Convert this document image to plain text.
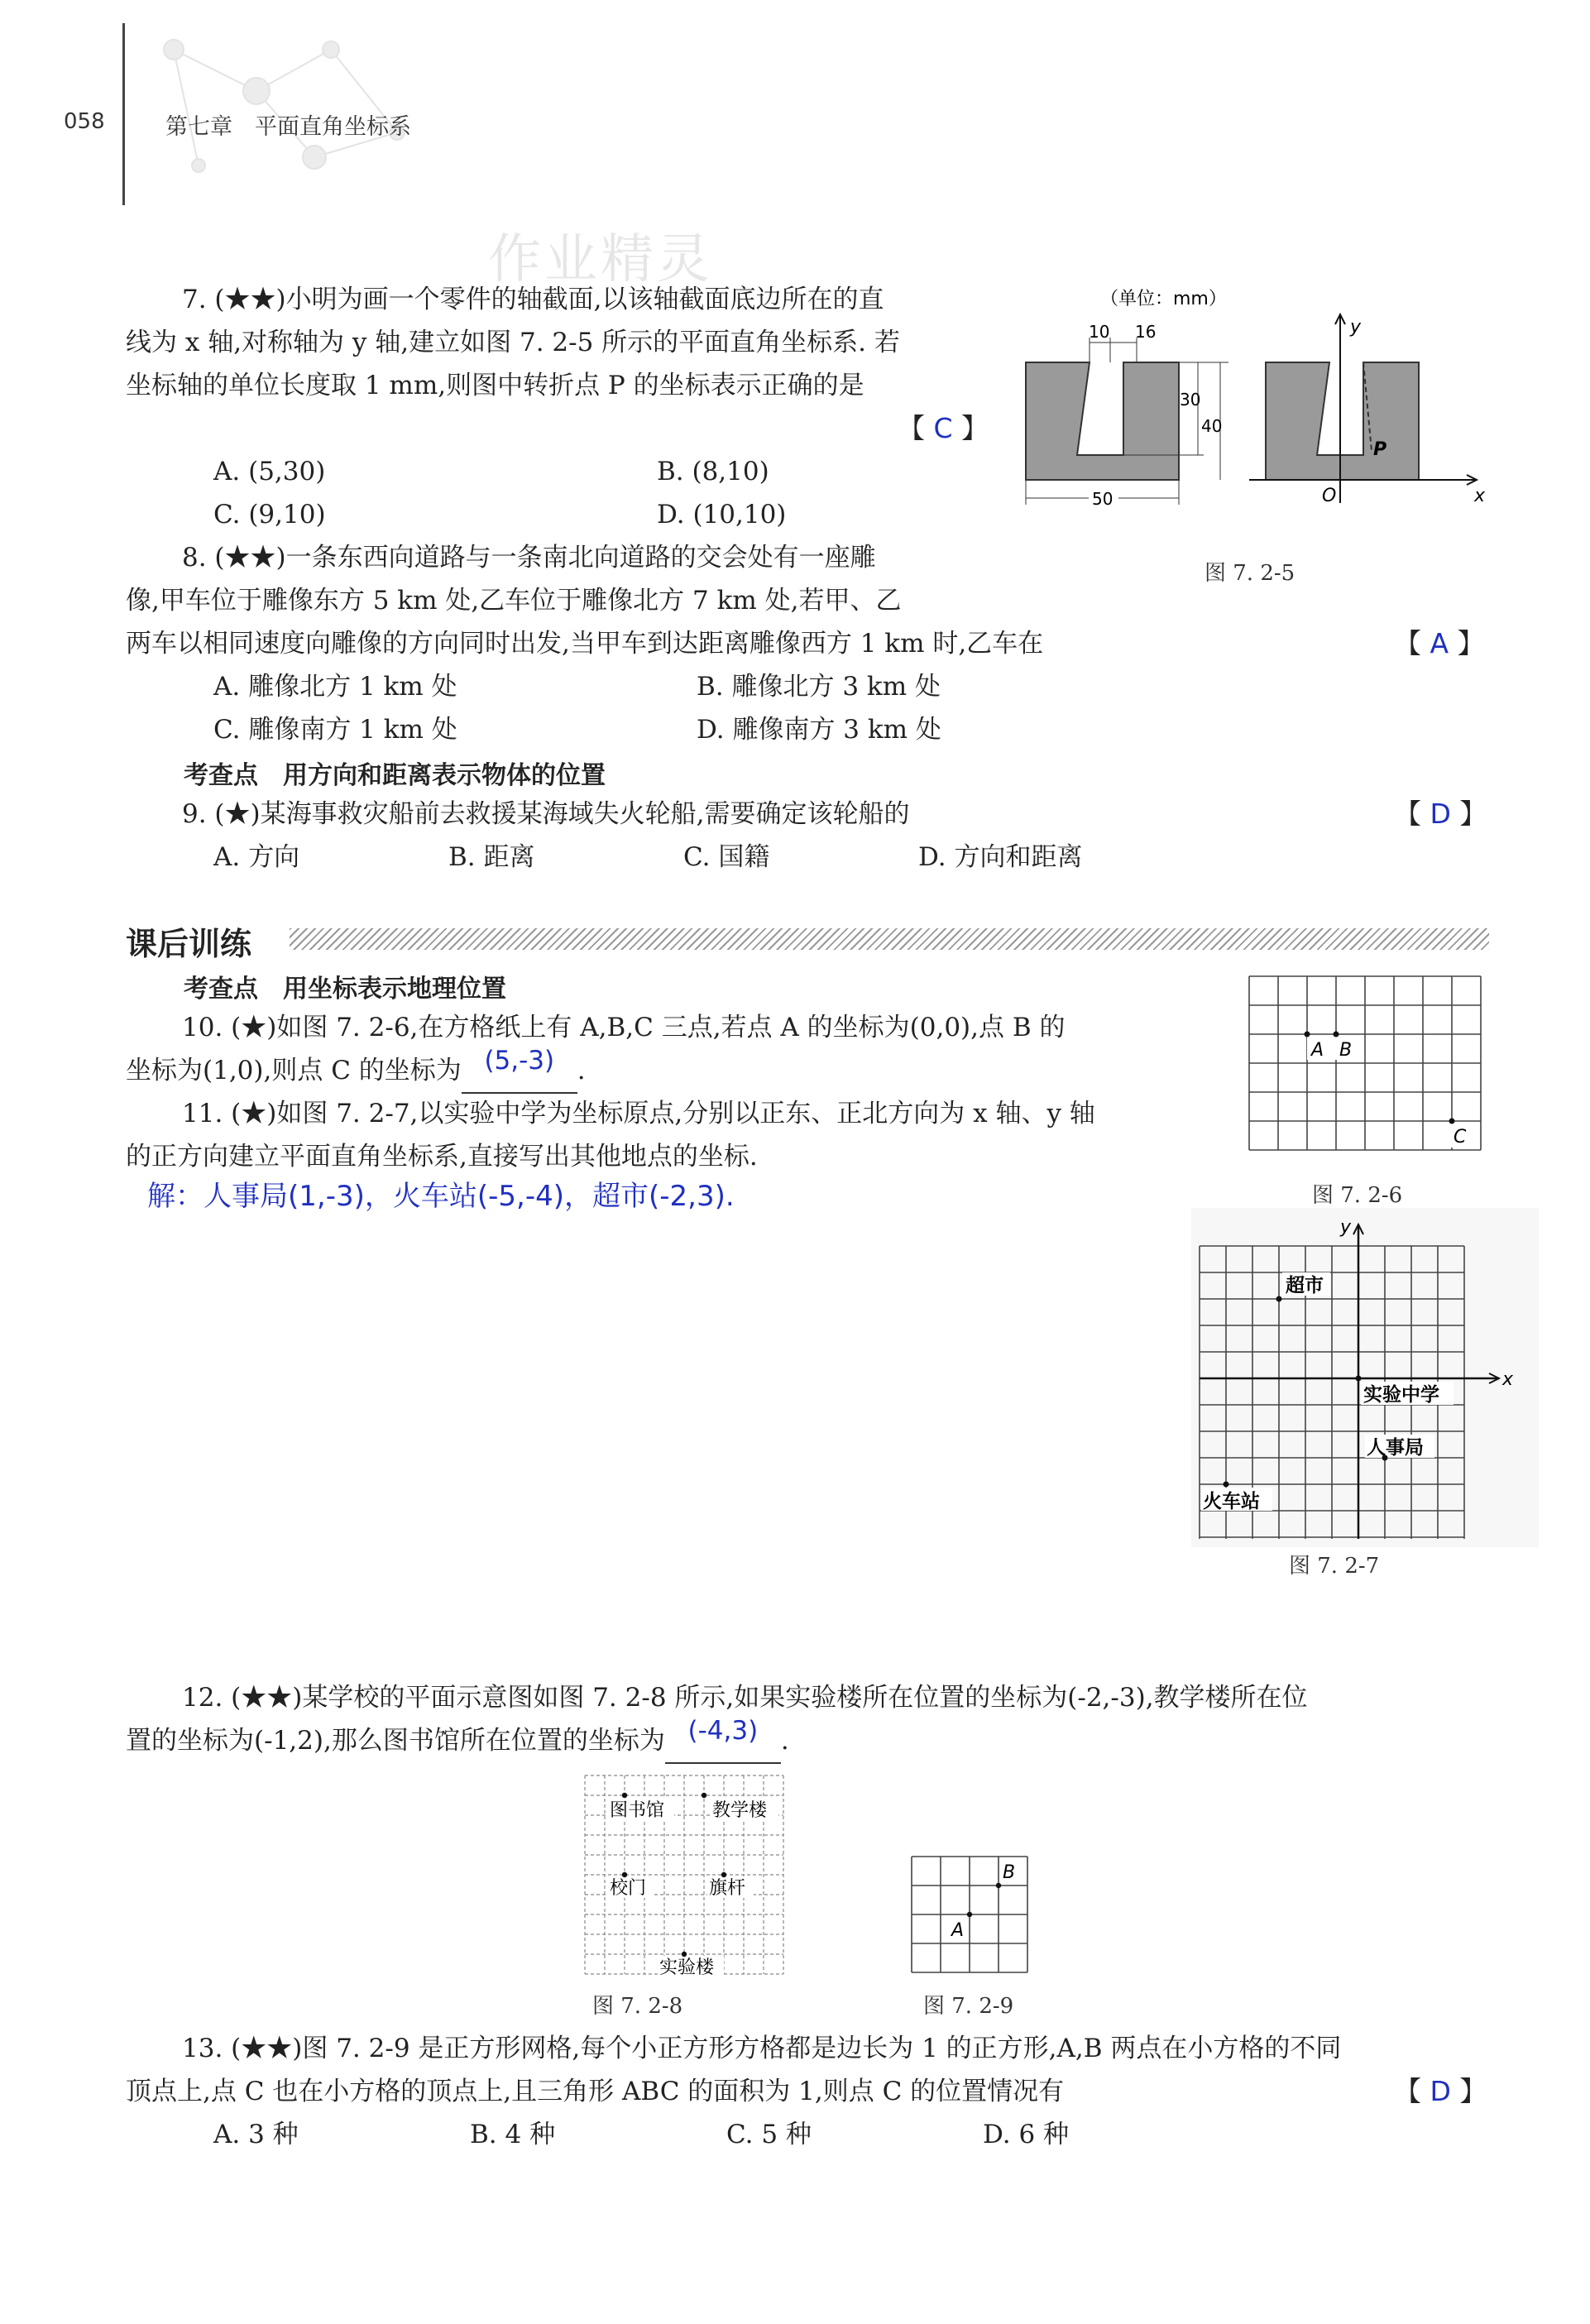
058	第七章　平面直角坐标系
作业精灵
7. (★★)小明为画一个零件的轴截面,以该轴截面底边所在的直
线为 x 轴,对称轴为 y 轴,建立如图 7. 2-5 所示的平面直角坐标系. 若
坐标轴的单位长度取 1 mm,则图中转折点 P 的坐标表示正确的是
【 C 】
A. (5,30)	B. (8,10)
C. (9,10)	D. (10,10)
（单位：mm）
10 16
30
40
50
y
x
O
P
图 7. 2-5
8. (★★)一条东西向道路与一条南北向道路的交会处有一座雕
像,甲车位于雕像东方 5 km 处,乙车位于雕像北方 7 km 处,若甲、乙
两车以相同速度向雕像的方向同时出发,当甲车到达距离雕像西方 1 km 时,乙车在	【 A 】
A. 雕像北方 1 km 处	B. 雕像北方 3 km 处
C. 雕像南方 1 km 处	D. 雕像南方 3 km 处
考查点　用方向和距离表示物体的位置
9. (★)某海事救灾船前去救援某海域失火轮船,需要确定该轮船的	【 D 】
A. 方向	B. 距离	C. 国籍	D. 方向和距离
课后训练
考查点　用坐标表示地理位置
10. (★)如图 7. 2-6,在方格纸上有 A,B,C 三点,若点 A 的坐标为(0,0),点 B 的
坐标为(1,0),则点 C 的坐标为 (5,-3) .
A B
C
图 7. 2-6
11. (★)如图 7. 2-7,以实验中学为坐标原点,分别以正东、正北方向为 x 轴、y 轴
的正方向建立平面直角坐标系,直接写出其他地点的坐标.
解：人事局(1,-3)，火车站(-5,-4)，超市(-2,3).
y
x
超市
实验中学
人事局
火车站
图 7. 2-7
12. (★★)某学校的平面示意图如图 7. 2-8 所示,如果实验楼所在位置的坐标为(-2,-3),教学楼所在位
置的坐标为(-1,2),那么图书馆所在位置的坐标为 (-4,3) .
图书馆	教学楼
校门	旗杆
实验楼
图 7. 2-8
A
B
图 7. 2-9
13. (★★)图 7. 2-9 是正方形网格,每个小正方形方格都是边长为 1 的正方形,A,B 两点在小方格的不同
顶点上,点 C 也在小方格的顶点上,且三角形 ABC 的面积为 1,则点 C 的位置情况有	【 D 】
A. 3 种	B. 4 种	C. 5 种	D. 6 种
